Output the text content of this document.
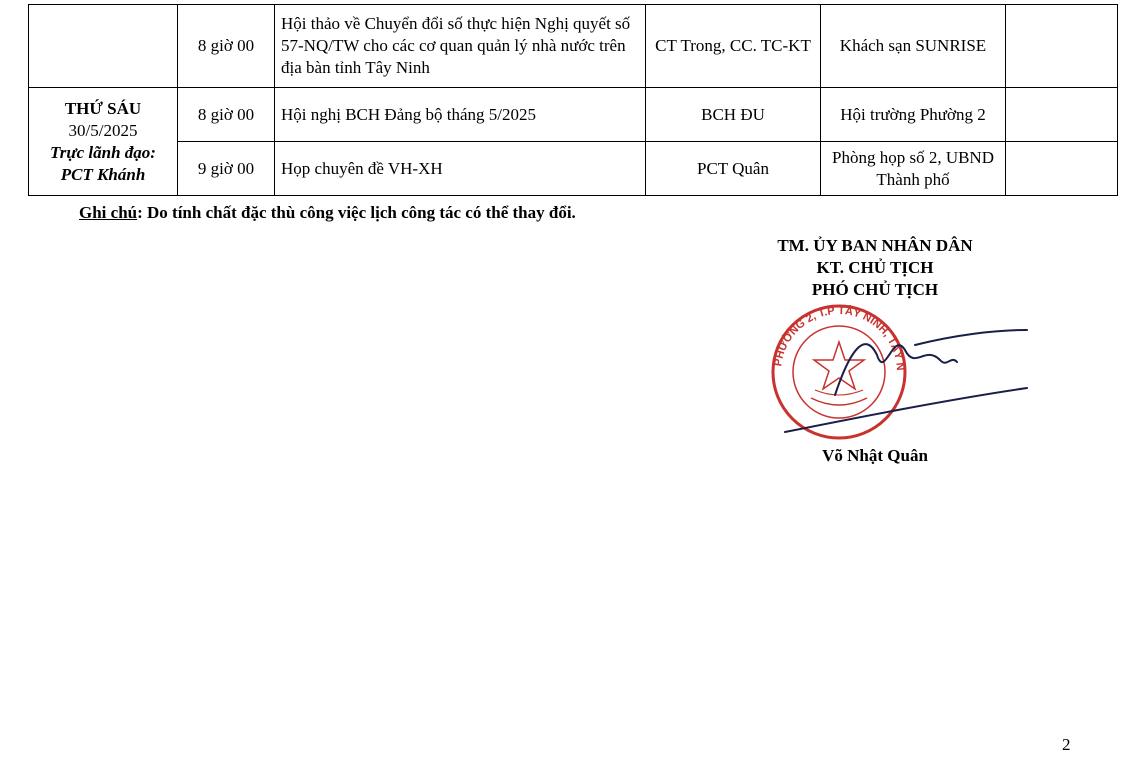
	8 giờ 00	Hội thảo về Chuyển đổi số thực hiện Nghị quyết số 57-NQ/TW cho các cơ quan quản lý nhà nước trên địa bàn tỉnh Tây Ninh	CT Trong, CC. TC-KT	Khách sạn SUNRISE	

THỨ SÁU
30/5/2025
Trực lãnh đạo:
PCT Khánh	8 giờ 00	Hội nghị BCH Đảng bộ tháng 5/2025	BCH ĐU	Hội trường Phường 2	
	9 giờ 00	Họp chuyên đề VH-XH	PCT Quân	Phòng họp số 2, UBND Thành phố	
Ghi chú: Do tính chất đặc thù công việc lịch công tác có thể thay đổi.
TM. ỦY BAN NHÂN DÂN
KT. CHỦ TỊCH
PHÓ CHỦ TỊCH
PHƯỜNG 2, T.P TÂY NINH, TÂY N
Võ Nhật Quân
2
